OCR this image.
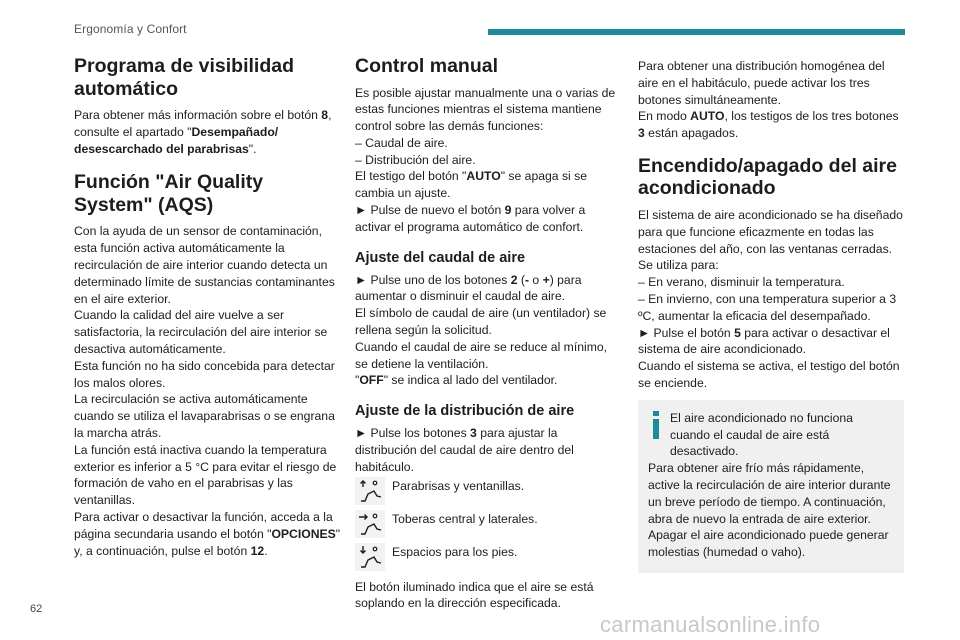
Ergonomía y Confort
Programa de visibilidad automático

Para obtener más información sobre el botón 8, consulte el apartado "Desempañado/ desescarchado del parabrisas".

Función "Air Quality System" (AQS)

Con la ayuda de un sensor de contaminación, esta función activa automáticamente la recirculación de aire interior cuando detecta un determinado límite de sustancias contaminantes en el aire exterior.

Cuando la calidad del aire vuelve a ser satisfactoria, la recirculación del aire interior se desactiva automáticamente.

Esta función no ha sido concebida para detectar los malos olores.

La recirculación se activa automáticamente cuando se utiliza el lavaparabrisas o se engrana la marcha atrás.

La función está inactiva cuando la temperatura exterior es inferior a 5 °C para evitar el riesgo de formación de vaho en el parabrisas y las ventanillas.

Para activar o desactivar la función, acceda a la página secundaria usando el botón "OPCIONES" y, a continuación, pulse el botón 12.

Control manual

Es posible ajustar manualmente una o varias de estas funciones mientras el sistema mantiene control sobre las demás funciones:

– Caudal de aire.

– Distribución del aire.

El testigo del botón "AUTO" se apaga si se cambia un ajuste.

► Pulse de nuevo el botón 9 para volver a activar el programa automático de confort.

Ajuste del caudal de aire

► Pulse uno de los botones 2 (- o +) para aumentar o disminuir el caudal de aire.

El símbolo de caudal de aire (un ventilador) se rellena según la solicitud.

Cuando el caudal de aire se reduce al mínimo, se detiene la ventilación.

"OFF" se indica al lado del ventilador.

Ajuste de la distribución de aire

► Pulse los botones 3 para ajustar la distribución del caudal de aire dentro del habitáculo.

Parabrisas y ventanillas.

Toberas central y laterales.

Espacios para los pies.

El botón iluminado indica que el aire se está soplando en la dirección especificada.

Para obtener una distribución homogénea del aire en el habitáculo, puede activar los tres botones simultáneamente.

En modo AUTO, los testigos de los tres botones 3 están apagados.

Encendido/apagado del aire acondicionado

El sistema de aire acondicionado se ha diseñado para que funcione eficazmente en todas las estaciones del año, con las ventanas cerradas.

Se utiliza para:

– En verano, disminuir la temperatura.

– En invierno, con una temperatura superior a 3 ºC, aumentar la eficacia del desempañado.

► Pulse el botón 5 para activar o desactivar el sistema de aire acondicionado.

Cuando el sistema se activa, el testigo del botón se enciende.

El aire acondicionado no funciona cuando el caudal de aire está desactivado.

Para obtener aire frío más rápidamente, active la recirculación de aire interior durante un breve período de tiempo. A continuación, abra de nuevo la entrada de aire exterior.

Apagar el aire acondicionado puede generar molestias (humedad o vaho).

62
carmanualsonline.info
